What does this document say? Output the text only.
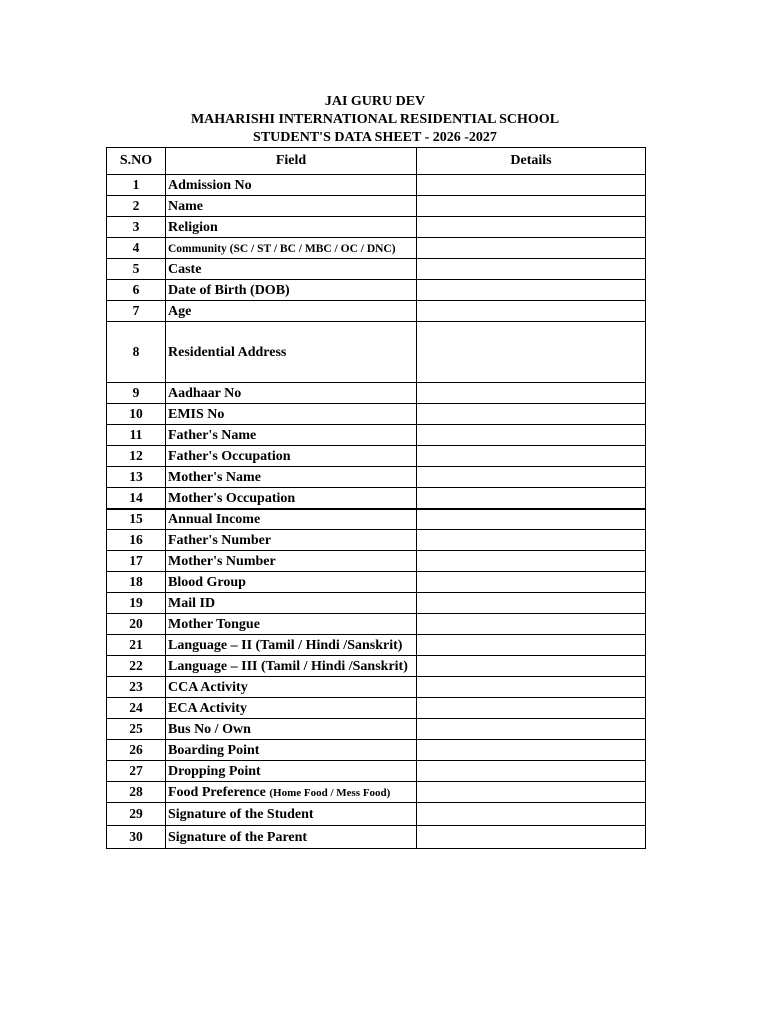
JAI GURU DEV
MAHARISHI INTERNATIONAL RESIDENTIAL SCHOOL
STUDENT'S DATA SHEET - 2026 -2027
S.NO	Field	Details
1	Admission No	
2	Name	
3	Religion	
4	Community (SC / ST / BC / MBC / OC / DNC)	
5	Caste	
6	Date of Birth (DOB)	
7	Age	
8	Residential Address	
9	Aadhaar No	
10	EMIS No	
11	Father's Name	
12	Father's Occupation	
13	Mother's Name	
14	Mother's Occupation	
15	Annual Income	
16	Father's Number	
17	Mother's Number	
18	Blood Group	
19	Mail ID	
20	Mother Tongue	
21	Language – II (Tamil / Hindi /Sanskrit)	
22	Language – III (Tamil / Hindi /Sanskrit)	
23	CCA Activity	
24	ECA Activity	
25	Bus No / Own	
26	Boarding Point	
27	Dropping Point	
28	Food Preference (Home Food / Mess Food)	
29	Signature of the Student	
30	Signature of the Parent	
